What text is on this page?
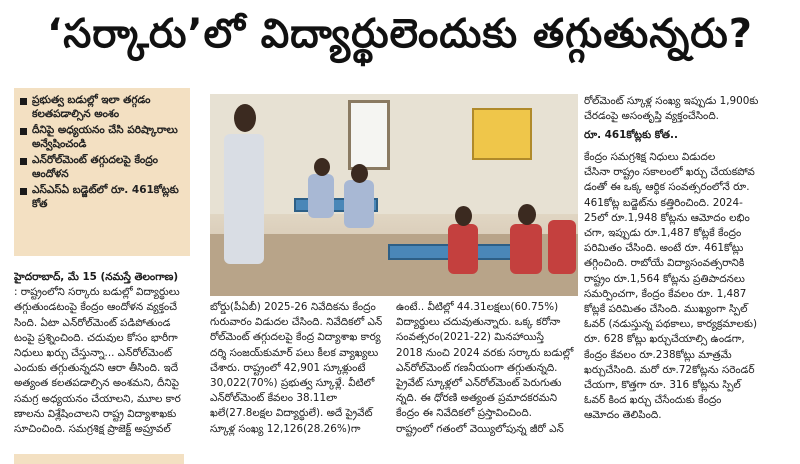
‘సర్కారు’లో విద్యార్థులెందుకు తగ్గుతున్నరు?
ప్రభుత్వ బడుల్లో ఇలా తగ్గడం కలతపడాల్సిన అంశం
దీనిపై అధ్యయనం చేసి పరిష్కారాలు అన్వేషించండి
ఎన్‌రోల్‌మెంట్ తగ్గుదలపై కేంద్రం ఆందోళన
ఎస్ఎస్ఏ బడ్జెట్‌లో రూ. 461కోట్లకు కోత
రోల్‌మెంట్ స్కూళ్ల సంఖ్య ఇప్పుడు 1,900కు
చేరడంపై అసంతృప్తి వ్యక్తంచేసింది.
రూ. 461కోట్లకు కోత..
కేంద్రం సమగ్రశిక్ష నిధులు విడుదల
చేసినా రాష్ట్రం సకాలంలో ఖర్చు చేయకపోవ
డంతో ఈ ఒక్క ఆర్థిక సంవత్సరంలోనే రూ.
461కోట్ల బడ్జెట్‌ను కత్తిరించింది. 2024-
25లో రూ.1,948 కోట్లను ఆమోదం లభిం
చగా, ఇప్పుడు రూ.1,487 కోట్లకే కేంద్రం
పరిమితం చేసింది. అంటే రూ. 461కోట్లు
తగ్గించింది. రాబోయే విద్యాసంవత్సరానికి
రాష్ట్రం రూ.1,564 కోట్లను ప్రతిపాదనలు
సమర్పించగా, కేంద్రం కేవలం రూ. 1,487
కోట్లకే పరిమితం చేసింది. ముఖ్యంగా స్పిల్
ఓవర్ (నడుస్తున్న పథకాలు, కార్యక్రమాలకు)
రూ. 628 కోట్లు ఖర్చుచేయాల్సి ఉండగా,
కేంద్రం కేవలం రూ.238కోట్లు మాత్రమే
ఖర్చుచేసింది. మరో రూ.72కోట్లను సరెండర్
చేయగా, కొత్తగా రూ. 316 కోట్లను స్పిల్
ఓవర్ కింద ఖర్చు చేసేందుకు కేంద్రం
ఆమోదం తెలిపింది.
హైదరాబాద్, మే 15 (నమస్తే తెలంగాణ)
: రాష్ట్రంలోని సర్కారు బడుల్లో విద్యార్థులు
తగ్గుతుండటంపై కేంద్రం ఆందోళన వ్యక్తంచే
సింది. ఏటా ఎన్‌రోల్‌మెంట్ పడిపోతుండ
టంపై ప్రశ్నించింది. చదువుల కోసం భారీగా
నిధులు ఖర్చు చేస్తున్నా... ఎన్‌రోల్‌మెంట్
ఎందుకు తగ్గుతున్నదని ఆరా తీసింది. ఇదే
అత్యంత కలతపడాల్సిన అంశమని, దీనిపై
సమగ్ర అధ్యయనం చేయాలని, మూల కార
ణాలను విశ్లేషించాలని రాష్ట్ర విద్యాశాఖకు
సూచించింది. సమగ్రశిక్ష ప్రాజెక్ట్ అప్రూవల్
బోర్డు(పీఏబీ) 2025-26 నివేదికను కేంద్రం
గురువారం విడుదల చేసింది. నివేదికలో ఎన్
రోల్‌మెంట్ తగ్గుదలపై కేంద్ర విద్యాశాఖ కార్య
దర్శి సంజయ్‌కుమార్ పలు కీలక వ్యాఖ్యలు
చేశారు. రాష్ట్రంలో 42,901 స్కూళ్లుంటే
30,022(70%) ప్రభుత్వ స్కూళ్లే. వీటిలో
ఎన్‌రోల్‌మెంట్ కేవలం 38.11లా
ఖలే(27.8లక్షల విద్యార్థులే). అదే ప్రైవేట్
స్కూళ్ల సంఖ్య 12,126(28.26%)గా
ఉంటే.. వీటిల్లో 44.31లక్షలు(60.75%)
విద్యార్థులు చదువుతున్నారు. ఒక్క కరోనా
సంవత్సరం(2021-22) మినహాయిస్తే
2018 నుంచి 2024 వరకు సర్కారు బడుల్లో
ఎన్‌రోల్‌మెంట్ గణనీయంగా తగ్గుతున్నది.
ప్రైవేట్ స్కూళ్లలో ఎన్‌రోల్‌మెంట్ పెరుగుతు
న్నది. ఈ ధోరణి అత్యంత ప్రమాదకరమని
కేంద్రం ఈ నివేదికలో ప్రస్తావించింది.
రాష్ట్రంలో గతంలో వెయ్యిలోపున్న జీరో ఎన్
